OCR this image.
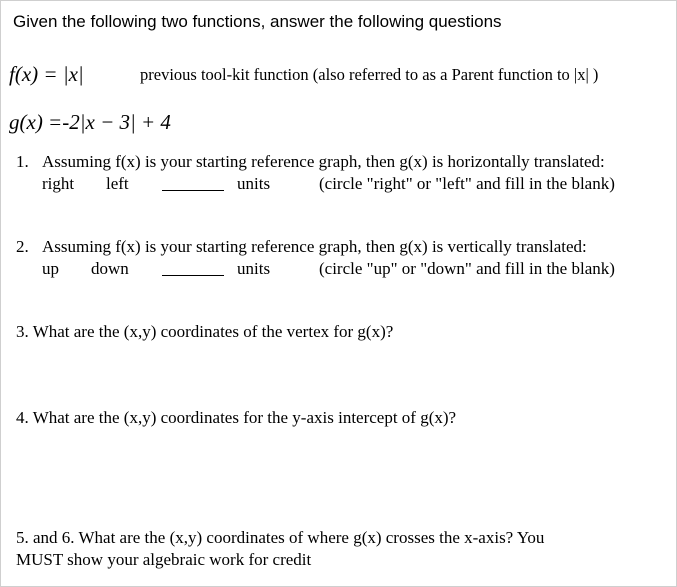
Given the following two functions, answer the following questions
f(x) = |x|	previous tool-kit function (also referred to as a Parent function to |x| )
g(x) =-2|x − 3| + 4
1. Assuming f(x) is your starting reference graph, then g(x) is horizontally translated:
right left	units	(circle "right" or "left" and fill in the blank)
2. Assuming f(x) is your starting reference graph, then g(x) is vertically translated:
up down	units	(circle "up" or "down" and fill in the blank)
3. What are the (x,y) coordinates of the vertex for g(x)?
4. What are the (x,y) coordinates for the y-axis intercept of g(x)?
5. and 6. What are the (x,y) coordinates of where g(x) crosses the x-axis? You
MUST show your algebraic work for credit
